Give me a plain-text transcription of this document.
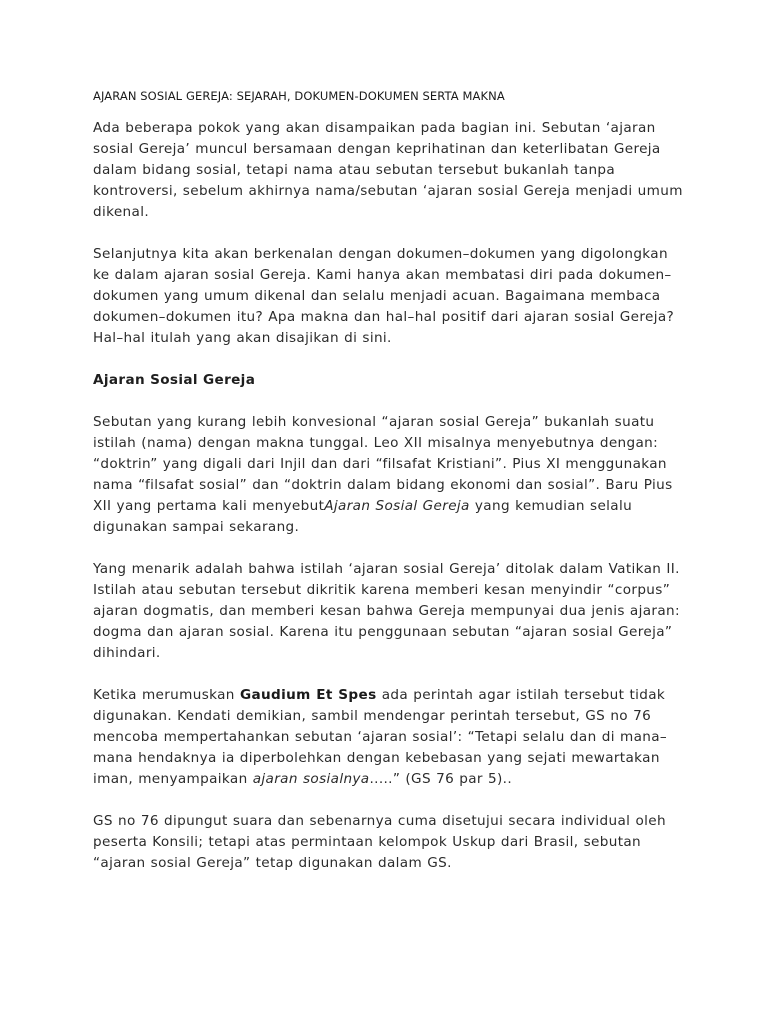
AJARAN SOSIAL GEREJA: SEJARAH, DOKUMEN-DOKUMEN SERTA MAKNA

Ada beberapa pokok yang akan disampaikan pada bagian ini. Sebutan ‘ajaran sosial Gereja’ muncul bersamaan dengan keprihatinan dan keterlibatan Gereja dalam bidang sosial, tetapi nama atau sebutan tersebut bukanlah tanpa kontroversi, sebelum akhirnya nama/sebutan ‘ajaran sosial Gereja menjadi umum dikenal.

Selanjutnya kita akan berkenalan dengan dokumen–dokumen yang digolongkan ke dalam ajaran sosial Gereja. Kami hanya akan membatasi diri pada dokumen–dokumen yang umum dikenal dan selalu menjadi acuan. Bagaimana membaca dokumen–dokumen itu? Apa makna dan hal–hal positif dari ajaran sosial Gereja? Hal–hal itulah yang akan disajikan di sini.

Ajaran Sosial Gereja

Sebutan yang kurang lebih konvesional “ajaran sosial Gereja” bukanlah suatu istilah (nama) dengan makna tunggal. Leo XII misalnya menyebutnya dengan: “doktrin” yang digali dari Injil dan dari “filsafat Kristiani”. Pius XI menggunakan nama “filsafat sosial” dan “doktrin dalam bidang ekonomi dan sosial”. Baru Pius XII yang pertama kali menyebutAjaran Sosial Gereja yang kemudian selalu digunakan sampai sekarang.

Yang menarik adalah bahwa istilah ‘ajaran sosial Gereja’ ditolak dalam Vatikan II. Istilah atau sebutan tersebut dikritik karena memberi kesan menyindir “corpus” ajaran dogmatis, dan memberi kesan bahwa Gereja mempunyai dua jenis ajaran: dogma dan ajaran sosial. Karena itu penggunaan sebutan “ajaran sosial Gereja” dihindari.

Ketika merumuskan Gaudium Et Spes ada perintah agar istilah tersebut tidak digunakan. Kendati demikian, sambil mendengar perintah tersebut, GS no 76 mencoba mempertahankan sebutan ‘ajaran sosial’: “Tetapi selalu dan di mana–mana hendaknya ia diperbolehkan dengan kebebasan yang sejati mewartakan iman, menyampaikan ajaran sosialnya.....” (GS 76 par 5)..

GS no 76 dipungut suara dan sebenarnya cuma disetujui secara individual oleh peserta Konsili; tetapi atas permintaan kelompok Uskup dari Brasil, sebutan “ajaran sosial Gereja” tetap digunakan dalam GS.
